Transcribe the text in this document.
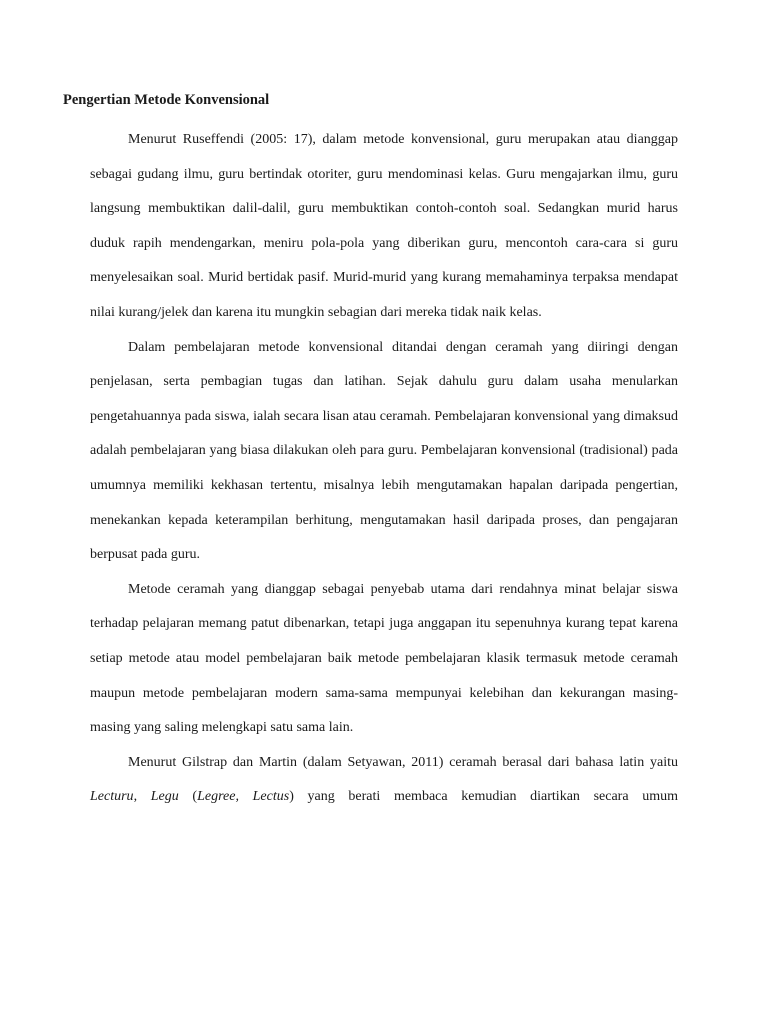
Pengertian Metode Konvensional

Menurut Ruseffendi (2005: 17), dalam metode konvensional, guru merupakan atau dianggap sebagai gudang ilmu, guru bertindak otoriter, guru mendominasi kelas. Guru mengajarkan ilmu, guru langsung membuktikan dalil-dalil, guru membuktikan contoh-contoh soal. Sedangkan murid harus duduk rapih mendengarkan, meniru pola-pola yang diberikan guru, mencontoh cara-cara si guru menyelesaikan soal. Murid bertidak pasif. Murid-murid yang kurang memahaminya terpaksa mendapat nilai kurang/jelek dan karena itu mungkin sebagian dari mereka tidak naik kelas.

Dalam pembelajaran metode konvensional ditandai dengan ceramah yang diiringi dengan penjelasan, serta pembagian tugas dan latihan. Sejak dahulu guru dalam usaha menularkan pengetahuannya pada siswa, ialah secara lisan atau ceramah. Pembelajaran konvensional yang dimaksud adalah pembelajaran yang biasa dilakukan oleh para guru. Pembelajaran konvensional (tradisional) pada umumnya memiliki kekhasan tertentu, misalnya lebih mengutamakan hapalan daripada pengertian, menekankan kepada keterampilan berhitung, mengutamakan hasil daripada proses, dan pengajaran berpusat pada guru.

Metode ceramah yang dianggap sebagai penyebab utama dari rendahnya minat belajar siswa terhadap pelajaran memang patut dibenarkan, tetapi juga anggapan itu sepenuhnya kurang tepat karena setiap metode atau model pembelajaran baik metode pembelajaran klasik termasuk metode ceramah maupun metode pembelajaran modern sama-sama mempunyai kelebihan dan kekurangan masing-masing yang saling melengkapi satu sama lain.

Menurut Gilstrap dan Martin (dalam Setyawan, 2011) ceramah berasal dari bahasa latin yaitu Lecturu, Legu (Legree, Lectus) yang berati membaca kemudian diartikan secara umum
